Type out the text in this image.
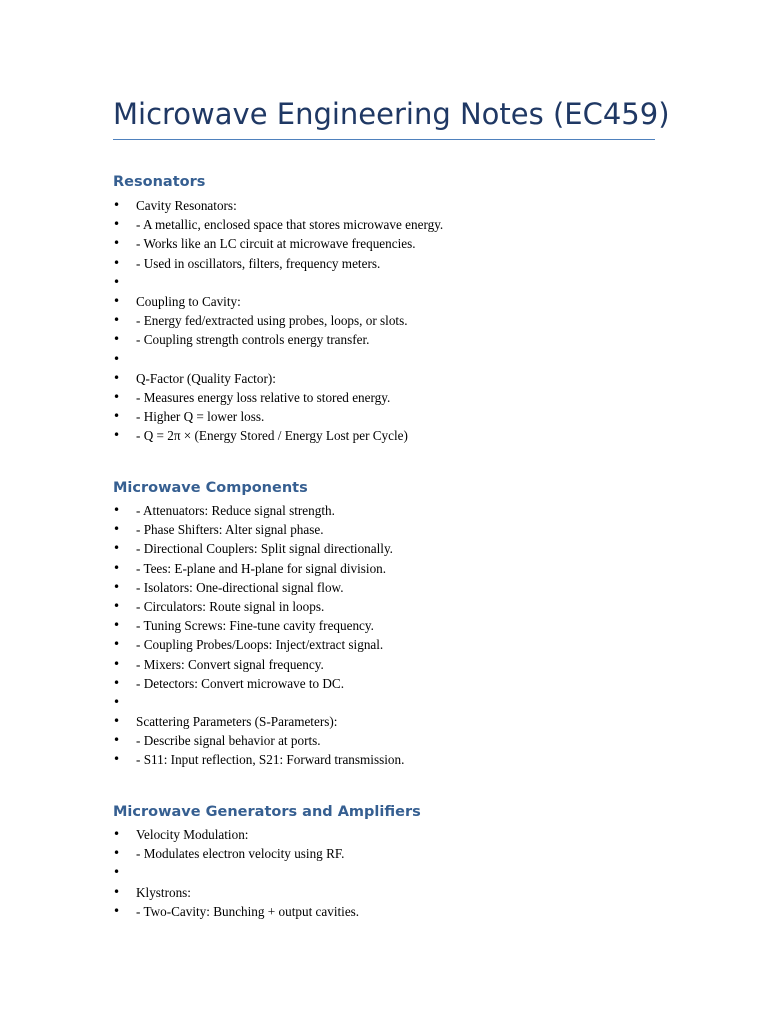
Microwave Engineering Notes (EC459)
Resonators
•	Cavity Resonators:
•	- A metallic, enclosed space that stores microwave energy.
•	- Works like an LC circuit at microwave frequencies.
•	- Used in oscillators, filters, frequency meters.
•
•	Coupling to Cavity:
•	- Energy fed/extracted using probes, loops, or slots.
•	- Coupling strength controls energy transfer.
•
•	Q-Factor (Quality Factor):
•	- Measures energy loss relative to stored energy.
•	- Higher Q = lower loss.
•	- Q = 2π × (Energy Stored / Energy Lost per Cycle)
Microwave Components
•	- Attenuators: Reduce signal strength.
•	- Phase Shifters: Alter signal phase.
•	- Directional Couplers: Split signal directionally.
•	- Tees: E-plane and H-plane for signal division.
•	- Isolators: One-directional signal flow.
•	- Circulators: Route signal in loops.
•	- Tuning Screws: Fine-tune cavity frequency.
•	- Coupling Probes/Loops: Inject/extract signal.
•	- Mixers: Convert signal frequency.
•	- Detectors: Convert microwave to DC.
•
•	Scattering Parameters (S-Parameters):
•	- Describe signal behavior at ports.
•	- S11: Input reflection, S21: Forward transmission.
Microwave Generators and Amplifiers
•	Velocity Modulation:
•	- Modulates electron velocity using RF.
•
•	Klystrons:
•	- Two-Cavity: Bunching + output cavities.
